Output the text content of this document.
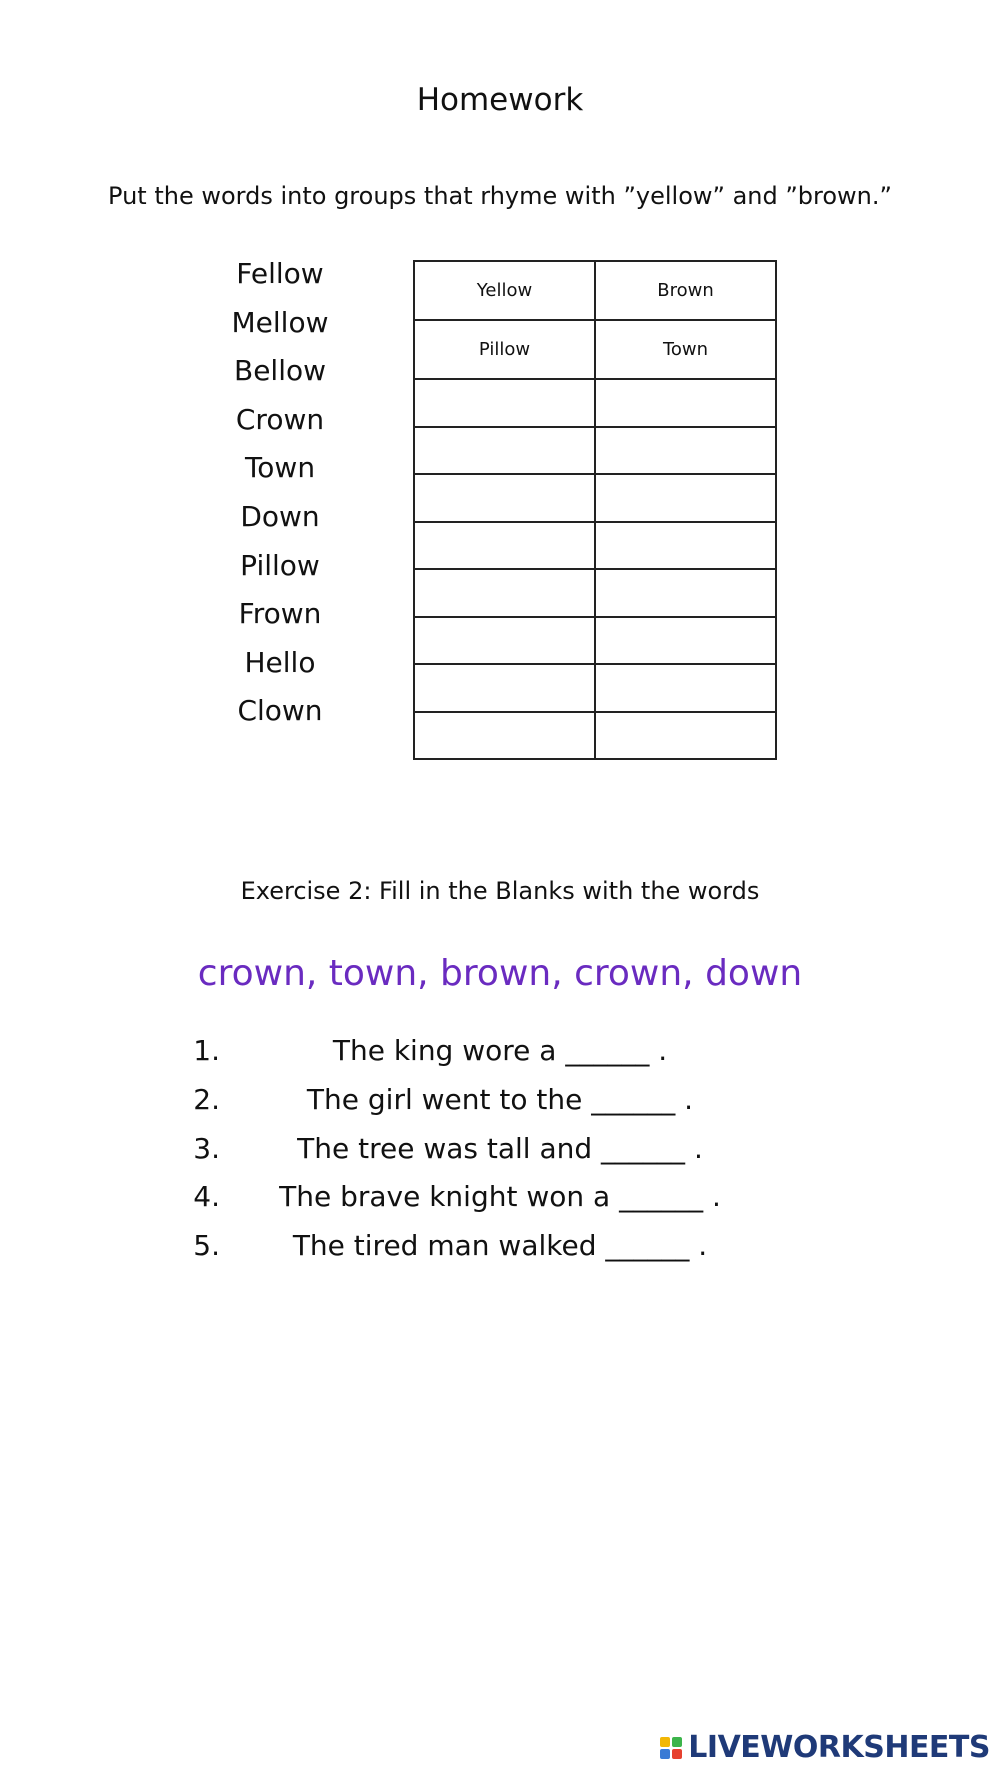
Homework
Put the words into groups that rhyme with ”yellow” and ”brown.”
Fellow
Mellow
Bellow
Crown
Town
Down
Pillow
Frown
Hello
Clown
Yellow	Brown
Pillow	Town

Exercise 2: Fill in the Blanks with the words
crown, town, brown, crown, down
1.	The king wore a ______ .
2.	The girl went to the ______ .
3.	The tree was tall and ______ .
4.	The brave knight won a ______ .
5.	The tired man walked ______ .
LIVEWORKSHEETS
